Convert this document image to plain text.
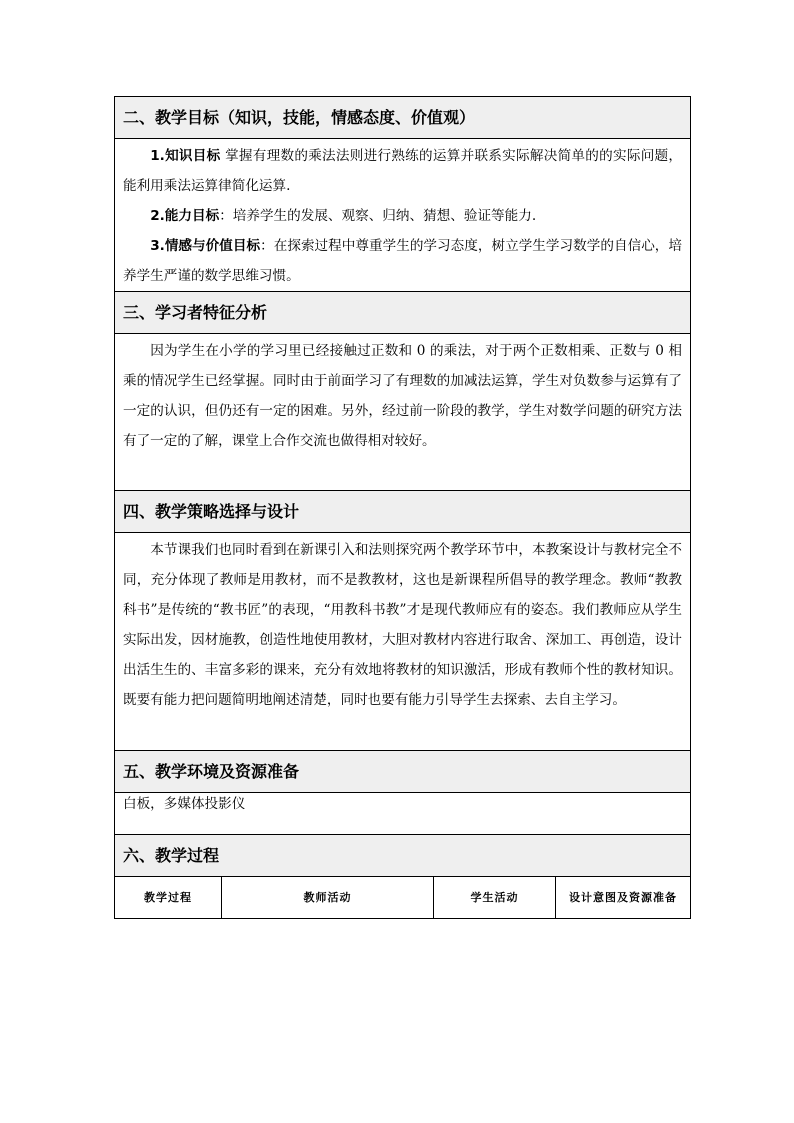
二、教学目标（知识，技能，情感态度、价值观）

1.知识目标 掌握有理数的乘法法则进行熟练的运算并联系实际解决简单的的实际问题，能利用乘法运算律简化运算.

2.能力目标：培养学生的发展、观察、归纳、猜想、验证等能力.

3.情感与价值目标：在探索过程中尊重学生的学习态度，树立学生学习数学的自信心，培养学生严谨的数学思维习惯。

三、学习者特征分析

因为学生在小学的学习里已经接触过正数和 0 的乘法，对于两个正数相乘、正数与 0 相乘的情况学生已经掌握。同时由于前面学习了有理数的加减法运算，学生对负数参与运算有了一定的认识，但仍还有一定的困难。另外，经过前一阶段的教学，学生对数学问题的研究方法有了一定的了解，课堂上合作交流也做得相对较好。

四、教学策略选择与设计

本节课我们也同时看到在新课引入和法则探究两个教学环节中，本教案设计与教材完全不同，充分体现了教师是用教材，而不是教教材，这也是新课程所倡导的教学理念。教师“教教科书”是传统的“教书匠”的表现，“用教科书教”才是现代教师应有的姿态。我们教师应从学生实际出发，因材施教，创造性地使用教材，大胆对教材内容进行取舍、深加工、再创造，设计出活生生的、丰富多彩的课来，充分有效地将教材的知识激活，形成有教师个性的教材知识。既要有能力把问题简明地阐述清楚，同时也要有能力引导学生去探索、去自主学习。

五、教学环境及资源准备
白板，多媒体投影仪
六、教学过程
教学过程	教师活动	学生活动	设计意图及资源准备
